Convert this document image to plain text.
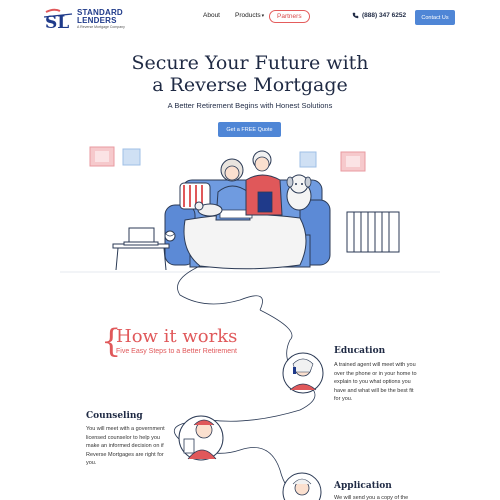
SL
STANDARD
LENDERS
A Reverse Mortgage Company
About Products▾	Partners	(888) 347 6252	Contact Us
Secure Your Future with
a Reverse Mortgage
A Better Retirement Begins with Honest Solutions
Get a FREE Quote
{
How it works
Five Easy Steps to a Better Retirement	Education
A trained agent will meet with you over the phone or in your home to explain to you what options you have and what will be the best fit for you.
Counseling
You will meet with a government licensed counselor to help you make an informed decision on if Reverse Mortgages are right for you.
Application
We will send you a copy of the
